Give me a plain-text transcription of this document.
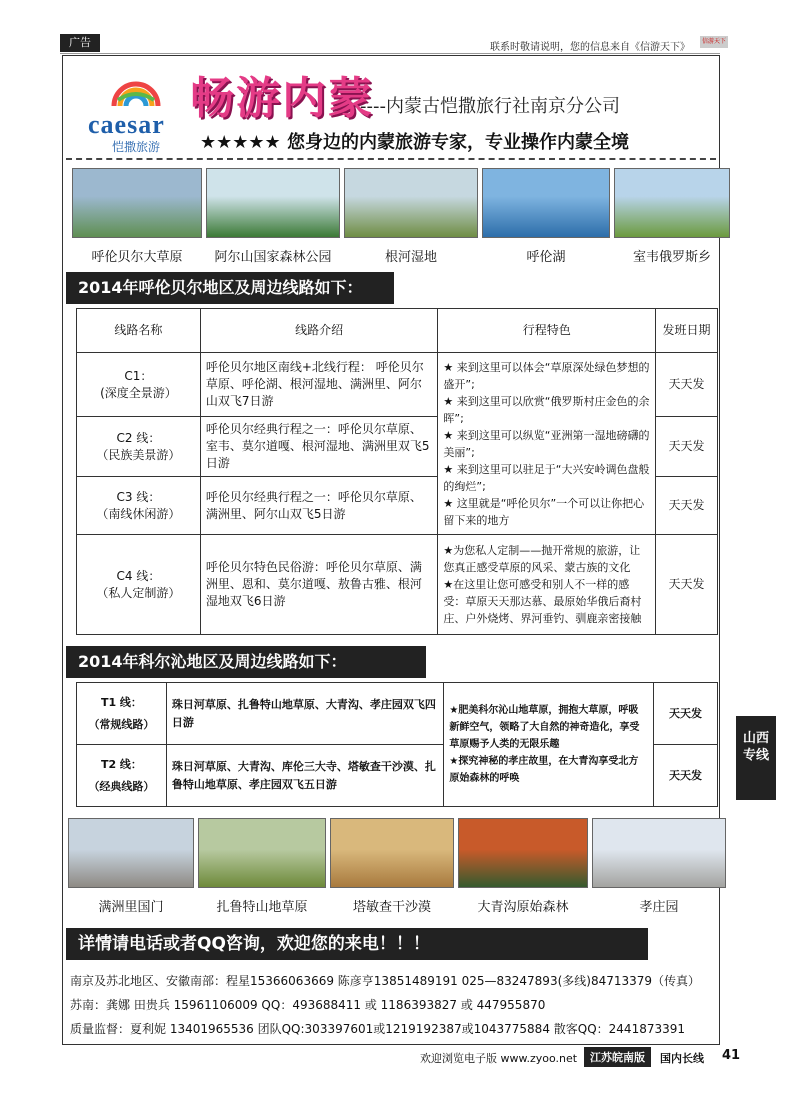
广告	联系时敬请说明，您的信息来自《信游天下》
信游天下
caesar
恺撒旅游
畅游内蒙
----内蒙古恺撒旅行社南京分公司
★★★★★ 您身边的内蒙旅游专家，专业操作内蒙全境
呼伦贝尔大草原	阿尔山国家森林公园	根河湿地	呼伦湖	室韦俄罗斯乡
2014年呼伦贝尔地区及周边线路如下：
线路名称	线路介绍	行程特色	发班日期
C1：
(深度全景游）	呼伦贝尔地区南线+北线行程： 呼伦贝尔草原、呼伦湖、根河湿地、满洲里、阿尔山双飞7日游	★ 来到这里可以体会“草原深处绿色梦想的盛开”;
★ 来到这里可以欣赏“俄罗斯村庄金色的余晖”;
★ 来到这里可以纵览“亚洲第一湿地磅礴的美丽”;
★ 来到这里可以驻足于“大兴安岭调色盘般的绚烂”;
★ 这里就是“呼伦贝尔”一个可以让你把心留下来的地方	天天发
C2 线：
（民族美景游）	呼伦贝尔经典行程之一：呼伦贝尔草原、室韦、莫尔道嘎、根河湿地、满洲里双飞5日游		天天发
C3 线：
（南线休闲游）	呼伦贝尔经典行程之一：呼伦贝尔草原、满洲里、阿尔山双飞5日游		天天发
C4 线：
（私人定制游）	呼伦贝尔特色民俗游：呼伦贝尔草原、满洲里、恩和、莫尔道嘎、敖鲁古雅、根河湿地双飞6日游	★为您私人定制——抛开常规的旅游，让您真正感受草原的风采、蒙古族的文化
★在这里让您可感受和别人不一样的感受：草原天天那达慕、最原始华俄后裔村庄、户外烧烤、界河垂钓、驯鹿亲密接触	天天发
2014年科尔沁地区及周边线路如下：
T1 线：
（常规线路）	珠日河草原、扎鲁特山地草原、大青沟、孝庄园双飞四日游	★肥美科尔沁山地草原，拥抱大草原，呼吸新鲜空气，领略了大自然的神奇造化，享受草原赐予人类的无限乐趣
★探究神秘的孝庄故里，在大青沟享受北方原始森林的呼唤	天天发
T2 线：
（经典线路）	珠日河草原、大青沟、库伦三大寺、塔敏查干沙漠、扎鲁特山地草原、孝庄园双飞五日游		天天发
满洲里国门	扎鲁特山地草原	塔敏查干沙漠	大青沟原始森林	孝庄园
详情请电话或者QQ咨询，欢迎您的来电！！！
南京及苏北地区、安徽南部：程星15366063669 陈彦亨13851489191 025—83247893(多线)84713379（传真）
苏南：龚娜 田贵兵 15961106009 QQ：493688411 或 1186393827 或 447955870
质量监督：夏利妮 13401965536 团队QQ:303397601或1219192387或1043775884 散客QQ：2441873391
山西
专线
欢迎浏览电子版 www.zyoo.net	江苏皖南版	国内长线 41
